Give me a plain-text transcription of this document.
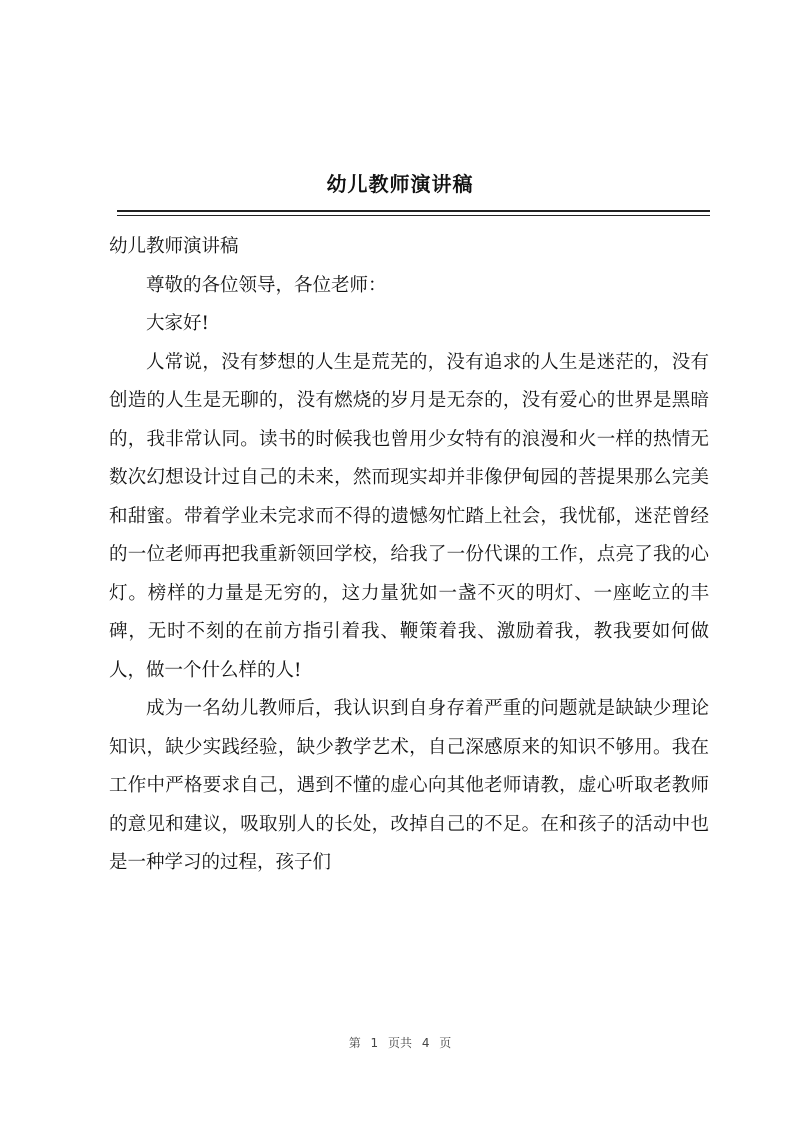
幼儿教师演讲稿
幼儿教师演讲稿

尊敬的各位领导，各位老师：

大家好!

人常说，没有梦想的人生是荒芜的，没有追求的人生是迷茫的，没有创造的人生是无聊的，没有燃烧的岁月是无奈的，没有爱心的世界是黑暗的，我非常认同。读书的时候我也曾用少女特有的浪漫和火一样的热情无数次幻想设计过自己的未来，然而现实却并非像伊甸园的菩提果那么完美和甜蜜。带着学业未完求而不得的遗憾匆忙踏上社会，我忧郁，迷茫曾经的一位老师再把我重新领回学校，给我了一份代课的工作，点亮了我的心灯。榜样的力量是无穷的，这力量犹如一盏不灭的明灯、一座屹立的丰碑，无时不刻的在前方指引着我、鞭策着我、激励着我，教我要如何做人，做一个什么样的人!

成为一名幼儿教师后，我认识到自身存着严重的问题就是缺缺少理论知识，缺少实践经验，缺少教学艺术，自己深感原来的知识不够用。我在工作中严格要求自己，遇到不懂的虚心向其他老师请教，虚心听取老教师的意见和建议，吸取别人的长处，改掉自己的不足。在和孩子的活动中也是一种学习的过程，孩子们

第 1 页共 4 页
